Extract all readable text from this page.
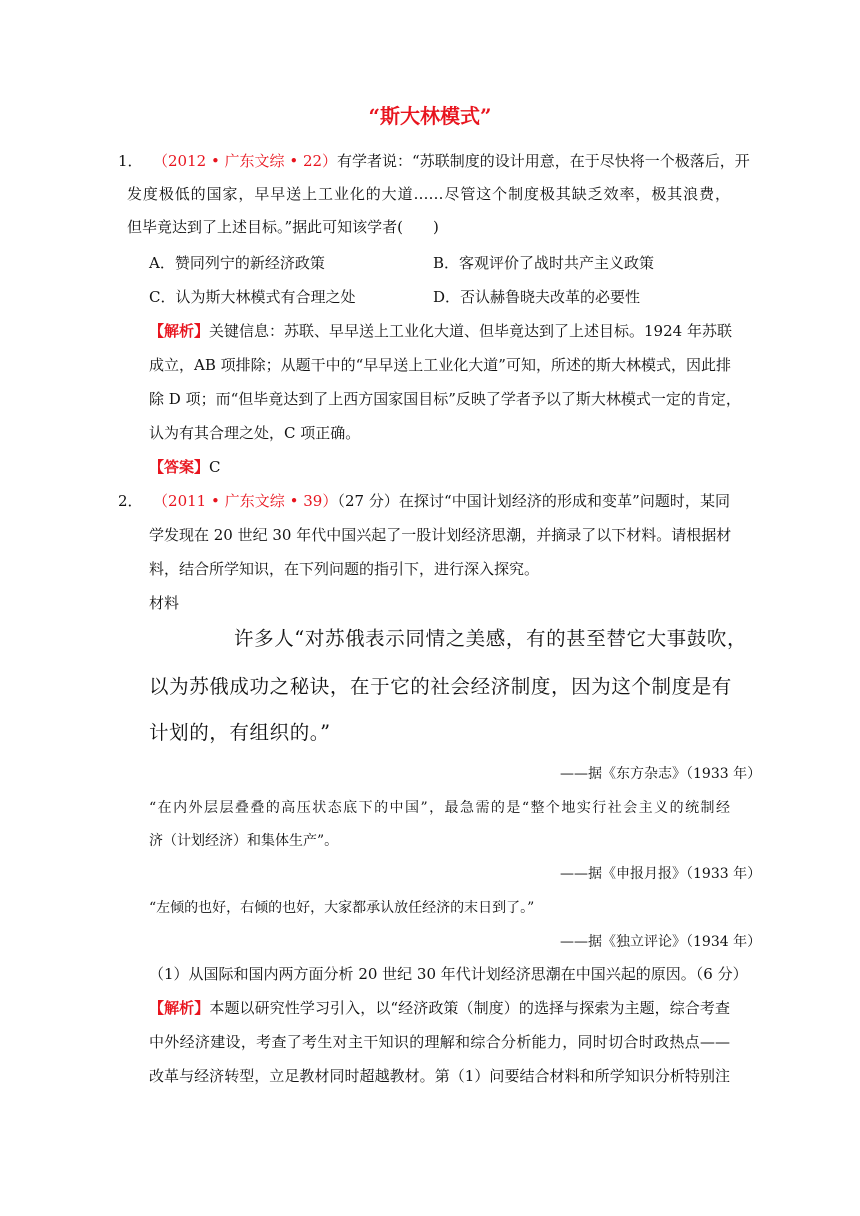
“斯大林模式”
1． （2012 • 广东文综 • 22）有学者说：“苏联制度的设计用意，在于尽快将一个极落后，开
发度极低的国家，早早送上工业化的大道……尽管这个制度极其缺乏效率，极其浪费，
但毕竟达到了上述目标。”据此可知该学者(　　)
A．赞同列宁的新经济政策	B．客观评价了战时共产主义政策
C．认为斯大林模式有合理之处	D．否认赫鲁晓夫改革的必要性
【解析】关键信息：苏联、早早送上工业化大道、但毕竟达到了上述目标。1924 年苏联
成立，AB 项排除；从题干中的“早早送上工业化大道”可知，所述的斯大林模式，因此排
除 D 项；而“但毕竟达到了上西方国家国目标”反映了学者予以了斯大林模式一定的肯定，
认为有其合理之处，C 项正确。
【答案】C
2． （2011 • 广东文综 • 39）（27 分）在探讨“中国计划经济的形成和变革”问题时，某同
学发现在 20 世纪 30 年代中国兴起了一股计划经济思潮，并摘录了以下材料。请根据材
料，结合所学知识，在下列问题的指引下，进行深入探究。
材料
许多人“对苏俄表示同情之美感，有的甚至替它大事鼓吹，
以为苏俄成功之秘诀，在于它的社会经济制度，因为这个制度是有
计划的，有组织的。”
——据《东方杂志》（1933 年）
“在内外层层叠叠的高压状态底下的中国”，最急需的是“整个地实行社会主义的统制经
济（计划经济）和集体生产”。
——据《申报月报》（1933 年）
“左倾的也好，右倾的也好，大家都承认放任经济的末日到了。”
——据《独立评论》（1934 年）
（1）从国际和国内两方面分析 20 世纪 30 年代计划经济思潮在中国兴起的原因。（6 分）
【解析】本题以研究性学习引入，以“经济政策（制度）的选择与探索为主题，综合考查
中外经济建设，考查了考生对主干知识的理解和综合分析能力，同时切合时政热点——
改革与经济转型，立足教材同时超越教材。第（1）问要结合材料和所学知识分析特别注
